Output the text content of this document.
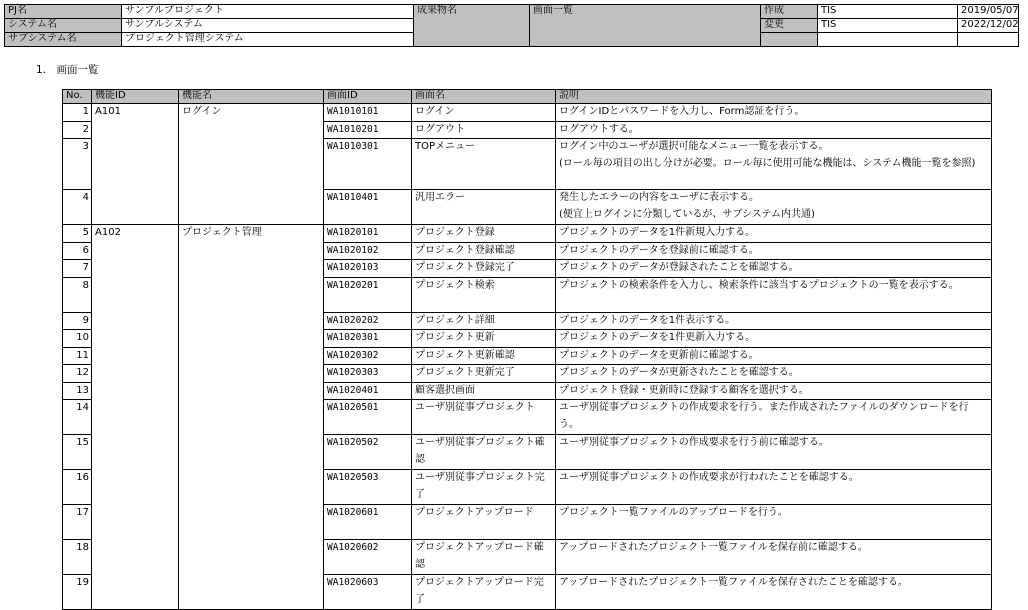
PJ名	サンプルプロジェクト	成果物名	画面一覧	作成	TIS	2019/05/07
システム名	サンプルシステム			変更	TIS	2022/12/02
サブシステム名	プロジェクト管理システム					
1.　画面一覧
No.	機能ID	機能名	画面ID	画面名	説明
1	A101	ログイン	WA1010101	ログイン	ログインIDとパスワードを入力し、Form認証を行う。
2			WA1010201	ログアウト	ログアウトする。
3			WA1010301	TOPメニュー	ログイン中のユーザが選択可能なメニュー一覧を表示する。
(ロール毎の項目の出し分けが必要。ロール毎に使用可能な機能は、システム機能一覧を参照)
4			WA1010401	汎用エラー	発生したエラーの内容をユーザに表示する。
(便宜上ログインに分類しているが、サブシステム内共通)
5	A102	プロジェクト管理	WA1020101	プロジェクト登録	プロジェクトのデータを1件新規入力する。
6			WA1020102	プロジェクト登録確認	プロジェクトのデータを登録前に確認する。
7			WA1020103	プロジェクト登録完了	プロジェクトのデータが登録されたことを確認する。
8			WA1020201	プロジェクト検索	プロジェクトの検索条件を入力し、検索条件に該当するプロジェクトの一覧を表示する。
9			WA1020202	プロジェクト詳細	プロジェクトのデータを1件表示する。
10			WA1020301	プロジェクト更新	プロジェクトのデータを1件更新入力する。
11			WA1020302	プロジェクト更新確認	プロジェクトのデータを更新前に確認する。
12			WA1020303	プロジェクト更新完了	プロジェクトのデータが更新されたことを確認する。
13			WA1020401	顧客選択画面	プロジェクト登録・更新時に登録する顧客を選択する。
14			WA1020501	ユーザ別従事プロジェクト	ユーザ別従事プロジェクトの作成要求を行う。また作成されたファイルのダウンロードを行う。
15			WA1020502	ユーザ別従事プロジェクト確認	ユーザ別従事プロジェクトの作成要求を行う前に確認する。
16			WA1020503	ユーザ別従事プロジェクト完了	ユーザ別従事プロジェクトの作成要求が行われたことを確認する。
17			WA1020601	プロジェクトアップロード	プロジェクト一覧ファイルのアップロードを行う。
18			WA1020602	プロジェクトアップロード確認	アップロードされたプロジェクト一覧ファイルを保存前に確認する。
19			WA1020603	プロジェクトアップロード完了	アップロードされたプロジェクト一覧ファイルを保存されたことを確認する。
